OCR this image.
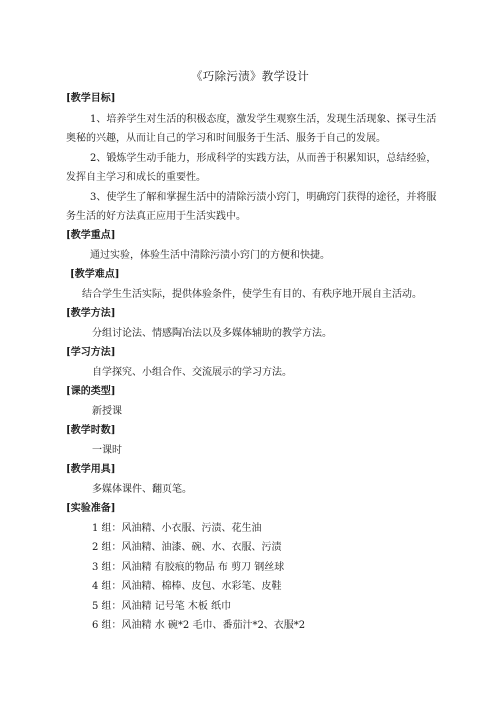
《巧除污渍》教学设计
[教学目标]
1、培养学生对生活的积极态度，激发学生观察生活，发现生活现象、探寻生活
奥秘的兴趣，从而让自己的学习和时间服务于生活、服务于自己的发展。
2、锻炼学生动手能力，形成科学的实践方法，从而善于积累知识，总结经验，
发挥自主学习和成长的重要性。
3、使学生了解和掌握生活中的清除污渍小窍门，明确窍门获得的途径，并将服
务生活的好方法真正应用于生活实践中。
[教学重点]
通过实验，体验生活中清除污渍小窍门的方便和快捷。
[教学难点]
结合学生生活实际，提供体验条件，使学生有目的、有秩序地开展自主活动。
[教学方法]
分组讨论法、情感陶冶法以及多媒体辅助的教学方法。
[学习方法]
自学探究、小组合作、交流展示的学习方法。
[课的类型]
新授课
[教学时数]
一课时
[教学用具]
多媒体课件、翻页笔。
[实验准备]
1 组：风油精、小衣服、污渍、花生油
2 组：风油精、油漆、碗、水、衣服、污渍
3 组：风油精 有胶痕的物品 布 剪刀 钢丝球
4 组：风油精、棉棒、皮包、水彩笔、皮鞋
5 组：风油精 记号笔 木板 纸巾
6 组：风油精 水 碗*2 毛巾、番茄汁*2、衣服*2
